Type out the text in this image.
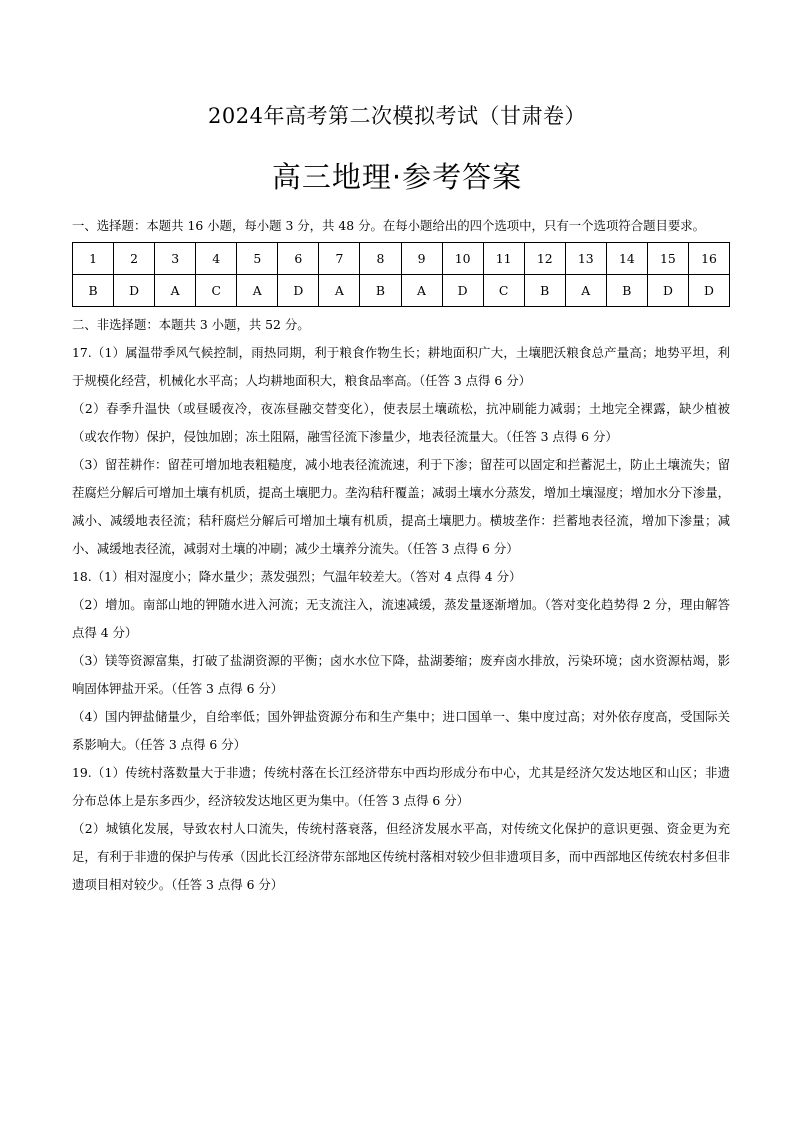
2024年高考第二次模拟考试（甘肃卷）
高三地理·参考答案

一、选择题：本题共 16 小题，每小题 3 分，共 48 分。在每小题给出的四个选项中，只有一个选项符合题目要求。

1	2	3	4	5	6	7	8	9	10	11	12	13	14	15	16
B	D	A	C	A	D	A	B	A	D	C	B	A	B	D	D

二、非选择题：本题共 3 小题，共 52 分。

17.（1）属温带季风气候控制，雨热同期，利于粮食作物生长；耕地面积广大，土壤肥沃粮食总产量高；地势平坦，利于规模化经营，机械化水平高；人均耕地面积大，粮食品率高。（任答 3 点得 6 分）

（2）春季升温快（或昼暖夜冷，夜冻昼融交替变化），使表层土壤疏松，抗冲刷能力减弱；土地完全裸露，缺少植被（或农作物）保护，侵蚀加剧；冻土阻隔，融雪径流下渗量少，地表径流量大。（任答 3 点得 6 分）

（3）留茬耕作：留茬可增加地表粗糙度，减小地表径流流速，利于下渗；留茬可以固定和拦蓄泥土，防止土壤流失；留茬腐烂分解后可增加土壤有机质，提高土壤肥力。垄沟秸秆覆盖；减弱土壤水分蒸发，增加土壤湿度；增加水分下渗量，减小、减缓地表径流；秸秆腐烂分解后可增加土壤有机质，提高土壤肥力。横坡垄作：拦蓄地表径流，增加下渗量；减小、减缓地表径流，减弱对土壤的冲刷；减少土壤养分流失。（任答 3 点得 6 分）

18.（1）相对湿度小；降水量少；蒸发强烈；气温年较差大。（答对 4 点得 4 分）

（2）增加。南部山地的钾随水进入河流；无支流注入，流速减缓，蒸发量逐渐增加。（答对变化趋势得 2 分，理由解答点得 4 分）

（3）镁等资源富集，打破了盐湖资源的平衡；卤水水位下降，盐湖萎缩；废弃卤水排放，污染环境；卤水资源枯竭，影响固体钾盐开采。（任答 3 点得 6 分）

（4）国内钾盐储量少，自给率低；国外钾盐资源分布和生产集中；进口国单一、集中度过高；对外依存度高，受国际关系影响大。（任答 3 点得 6 分）

19.（1）传统村落数量大于非遗；传统村落在长江经济带东中西均形成分布中心，尤其是经济欠发达地区和山区；非遗分布总体上是东多西少，经济较发达地区更为集中。（任答 3 点得 6 分）

（2）城镇化发展，导致农村人口流失，传统村落衰落，但经济发展水平高，对传统文化保护的意识更强、资金更为充足，有利于非遗的保护与传承（因此长江经济带东部地区传统村落相对较少但非遗项目多，而中西部地区传统农村多但非遗项目相对较少。（任答 3 点得 6 分）
